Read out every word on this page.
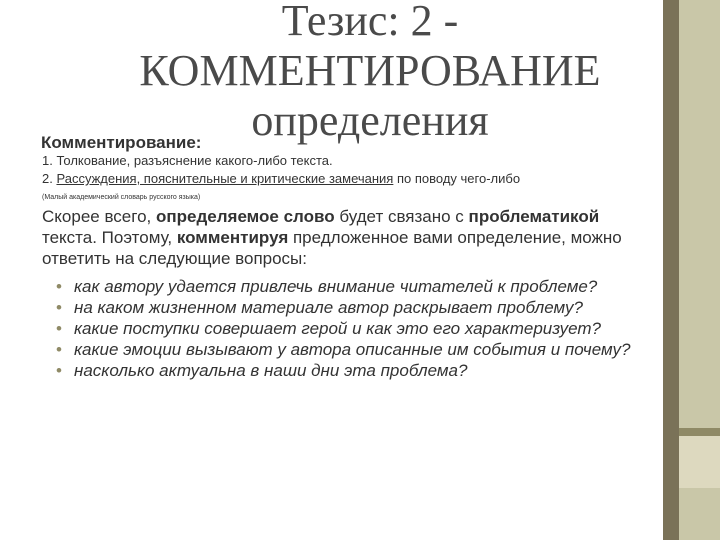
Тезис: 2 -
КОММЕНТИРОВАНИЕ
определения
Комментирование:
1. Толкование, разъяснение какого-либо текста.
2. Рассуждения, пояснительные и критические замечания по поводу чего-либо
(Малый академический словарь русского языка)
Скорее всего, определяемое слово будет связано с проблематикой текста. Поэтому, комментируя предложенное вами определение, можно ответить на следующие вопросы:
• как автору удается привлечь внимание читателей к проблеме?
• на каком жизненном материале автор раскрывает проблему?
• какие поступки совершает герой и как это его характеризует?
• какие эмоции вызывают у автора описанные им события и почему?
• насколько актуальна в наши дни эта проблема?
